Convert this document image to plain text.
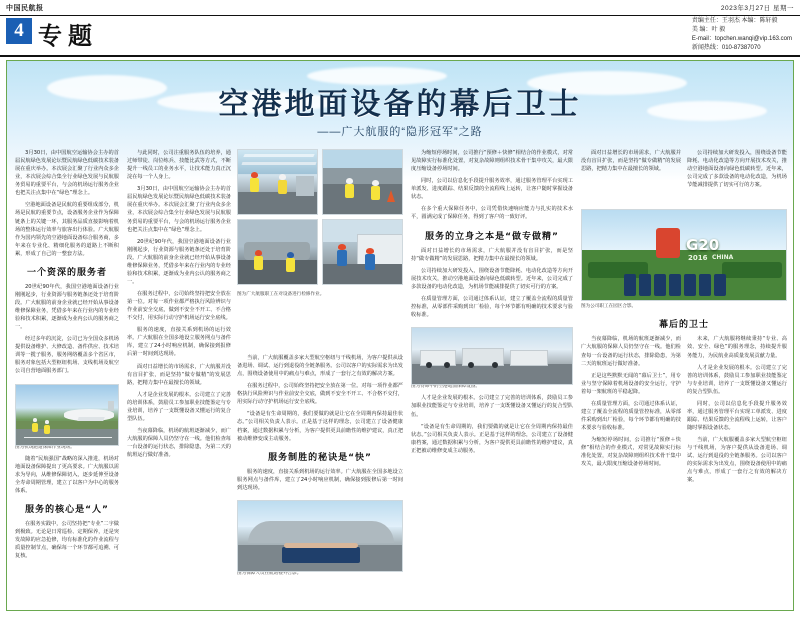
中国民航报	2023年3月27日 星期一
4 专题
责编主任：王羽杰 本编：陈轩毅
美 编：叶 毅
E-mail：topchen.wanqi@vip.163.com
新闻热线：010-87387070
空港地面设备的幕后卫士
——广大航服的“隐形冠军”之路

3月30日，由中国航空运输协会主办的首届民航绿色发展论坛暨民航绿色低碳技术装备展在重庆举办。本次展会汇聚了行业内众多企业，本次展会综合集全行业绿色发展与民航服务贸易的重要平台，与会的机场运行服务企业也把关注点集中在“绿色”理念上。

空港地面设备是民航的重要组成部分，机场是民航的重要节点，设备服务企业作为保障链条上的关键一环，其服务品质直接影响着机场的整体运行效率与旅客出行体验。广大航服作为国内领先的空港地面设备综合服务商，多年来在专业化、精细化服务的道路上不断积累，形成了自己的一整套方法。

一个资深的服务者

20世纪90年代，我国空港地面设备行业刚刚起步，行业资源与服务链条还处于培育阶段。广大航服的前身企业就已经开始从事设备维修保障业务，凭借多年来在行业内的专业经验和技术积累，逐渐成为业内公认的服务商之一。

经过多年的沉淀，公司已为全国众多机场提供设备维护、大修改造、备件供应、技术培训等一揽子服务，服务网络覆盖多个省区市，服务对象包括大型枢纽机场、支线机场及航空公司自营地面服务部门。

图为机场跑道保障作业现场。

随着“民航强国”战略的深入推进，机场对地面设备保障提出了更高要求。广大航服以需求为导向，从维修保障切入，逐步延伸至设备全寿命周期管理，建立了以客户为中心的服务体系。

服务的核心是“人”

在服务实践中，公司坚持把“专业”二字做到极致。无论是日常巡检、定期保养，还是突发故障的应急抢修，均有标准化的作业流程与质量控制节点，确保每一个环节都可追溯、可复核。

与此同时，公司注重服务队伍的培养，通过师带徒、岗位练兵、技能比武等方式，不断提升一线员工的业务水平，让技术能力真正沉淀在每一个人身上。

3月30日，由中国航空运输协会主办的首届民航绿色发展论坛暨民航绿色低碳技术装备展在重庆举办。本次展会汇聚了行业内众多企业，本次展会综合集全行业绿色发展与民航服务贸易的重要平台，与会的机场运行服务企业也把关注点集中在“绿色”理念上。

20世纪90年代，我国空港地面设备行业刚刚起步，行业资源与服务链条还处于培育阶段。广大航服的前身企业就已经开始从事设备维修保障业务，凭借多年来在行业内的专业经验和技术积累，逐渐成为业内公认的服务商之一。

在服务过程中，公司始终坚持把安全放在第一位。对每一项作业都严格执行风险辨识与作业前安全交底，做到不安全不开工、不合格不交付，用实际行动守护机场运行安全底线。

服务的速度，直接关系到机场的运行效率。广大航服在全国多地设立服务网点与备件库，建立了24小时响应机制，确保接到报修后第一时间到达现场。

面对日益增长的市场需求，广大航服并没有盲目扩张，而是坚持“做专做精”的发展思路，把精力集中在最擅长的领域。

人才是企业发展的根本。公司建立了完善的培训体系，鼓励员工参加职业技能鉴定与专业培训，培养了一支既懂设备又懂运行的复合型队伍。

当夜幕降临，机场的航班逐渐减少，而广大航服的保障人员仍坚守在一线。他们检查每一台设备的运行状态，排除隐患，为第二天的航班运行做好准备。

图为广大航服职工在对设备进行检修作业。

当前，广大航服覆盖多家大型航空枢纽与干线机场，为客户提供从设备进场、调试、运行到退役的全链条服务。公司以客户的实际需求为出发点，围绕设备使用中的痛点与难点，形成了一套行之有效的解决方案。

在服务过程中，公司始终坚持把安全放在第一位。对每一项作业都严格执行风险辨识与作业前安全交底，做到不安全不开工、不合格不交付，用实际行动守护机场运行安全底线。

“设备是有生命周期的，我们要做的就是让它在全周期内保持最佳状态。”公司相关负责人表示。正是基于这样的理念，公司建立了设备健康档案，通过数据积累与分析，为客户提供更具前瞻性的维护建议，真正把被动维修变成主动服务。

服务制胜的秘诀是“快”

服务的速度，直接关系到机场的运行效率。广大航服在全国多地设立服务网点与备件库，建立了24小时响应机制，确保接到报修后第一时间到达现场。

图为保障人员在航站楼外合影。

为缩短停场时间，公司推行“预修＋快修”相结合的作业模式，对常见故障实行标准化处置，对复杂故障则组织技术骨干集中攻关，最大限度压缩设备停场时间。

同时，公司以信息化手段提升服务效率，通过服务管理平台实现工单派发、进度跟踪、结果反馈的全流程线上运转，让客户随时掌握设备状态。

在多个重大保障任务中，公司凭借快速响应能力与扎实的技术水平，圆满完成了保障任务，得到了客户的一致好评。

服务的立身之本是“做专做精”

面对日益增长的市场需求，广大航服并没有盲目扩张，而是坚持“做专做精”的发展思路，把精力集中在最擅长的领域。

公司持续加大研发投入，围绕设备节能降耗、电动化改造等方向开展技术攻关，推动空港地面设备向绿色低碳转型。近年来，公司完成了多款设备的电动化改造，为机场节能减排提供了切实可行的方案。

在质量管理方面，公司通过体系认证，建立了覆盖全流程的质量管控标准，从零部件采购到出厂检验，每个环节都有明确的技术要求与验收标准。

图为待命中的空港地面保障设备。

人才是企业发展的根本。公司建立了完善的培训体系，鼓励员工参加职业技能鉴定与专业培训，培养了一支既懂设备又懂运行的复合型队伍。

“设备是有生命周期的，我们要做的就是让它在全周期内保持最佳状态。”公司相关负责人表示。正是基于这样的理念，公司建立了设备健康档案，通过数据积累与分析，为客户提供更具前瞻性的维护建议，真正把被动维修变成主动服务。

面对日益增长的市场需求，广大航服并没有盲目扩张，而是坚持“做专做精”的发展思路，把精力集中在最擅长的领域。

公司持续加大研发投入，围绕设备节能降耗、电动化改造等方向开展技术攻关，推动空港地面设备向绿色低碳转型。近年来，公司完成了多款设备的电动化改造，为机场节能减排提供了切实可行的方案。

G20
2016 CHINA

图为公司职工在园区合影。

幕后的卫士

当夜幕降临，机场的航班逐渐减少，而广大航服的保障人员仍坚守在一线。他们检查每一台设备的运行状态，排除隐患，为第二天的航班运行做好准备。

正是这些默默无闻的“幕后卫士”，用专业与坚守保障着机场设备的安全运行，守护着每一架航班的平稳起降。

在质量管理方面，公司通过体系认证，建立了覆盖全流程的质量管控标准，从零部件采购到出厂检验，每个环节都有明确的技术要求与验收标准。

为缩短停场时间，公司推行“预修＋快修”相结合的作业模式，对常见故障实行标准化处置，对复杂故障则组织技术骨干集中攻关，最大限度压缩设备停场时间。

未来，广大航服将继续秉持“专业、高效、安全、绿色”的服务理念，持续提升服务能力，为民航业高质量发展贡献力量。

人才是企业发展的根本。公司建立了完善的培训体系，鼓励员工参加职业技能鉴定与专业培训，培养了一支既懂设备又懂运行的复合型队伍。

同时，公司以信息化手段提升服务效率，通过服务管理平台实现工单派发、进度跟踪、结果反馈的全流程线上运转，让客户随时掌握设备状态。

当前，广大航服覆盖多家大型航空枢纽与干线机场，为客户提供从设备进场、调试、运行到退役的全链条服务。公司以客户的实际需求为出发点，围绕设备使用中的痛点与难点，形成了一套行之有效的解决方案。
